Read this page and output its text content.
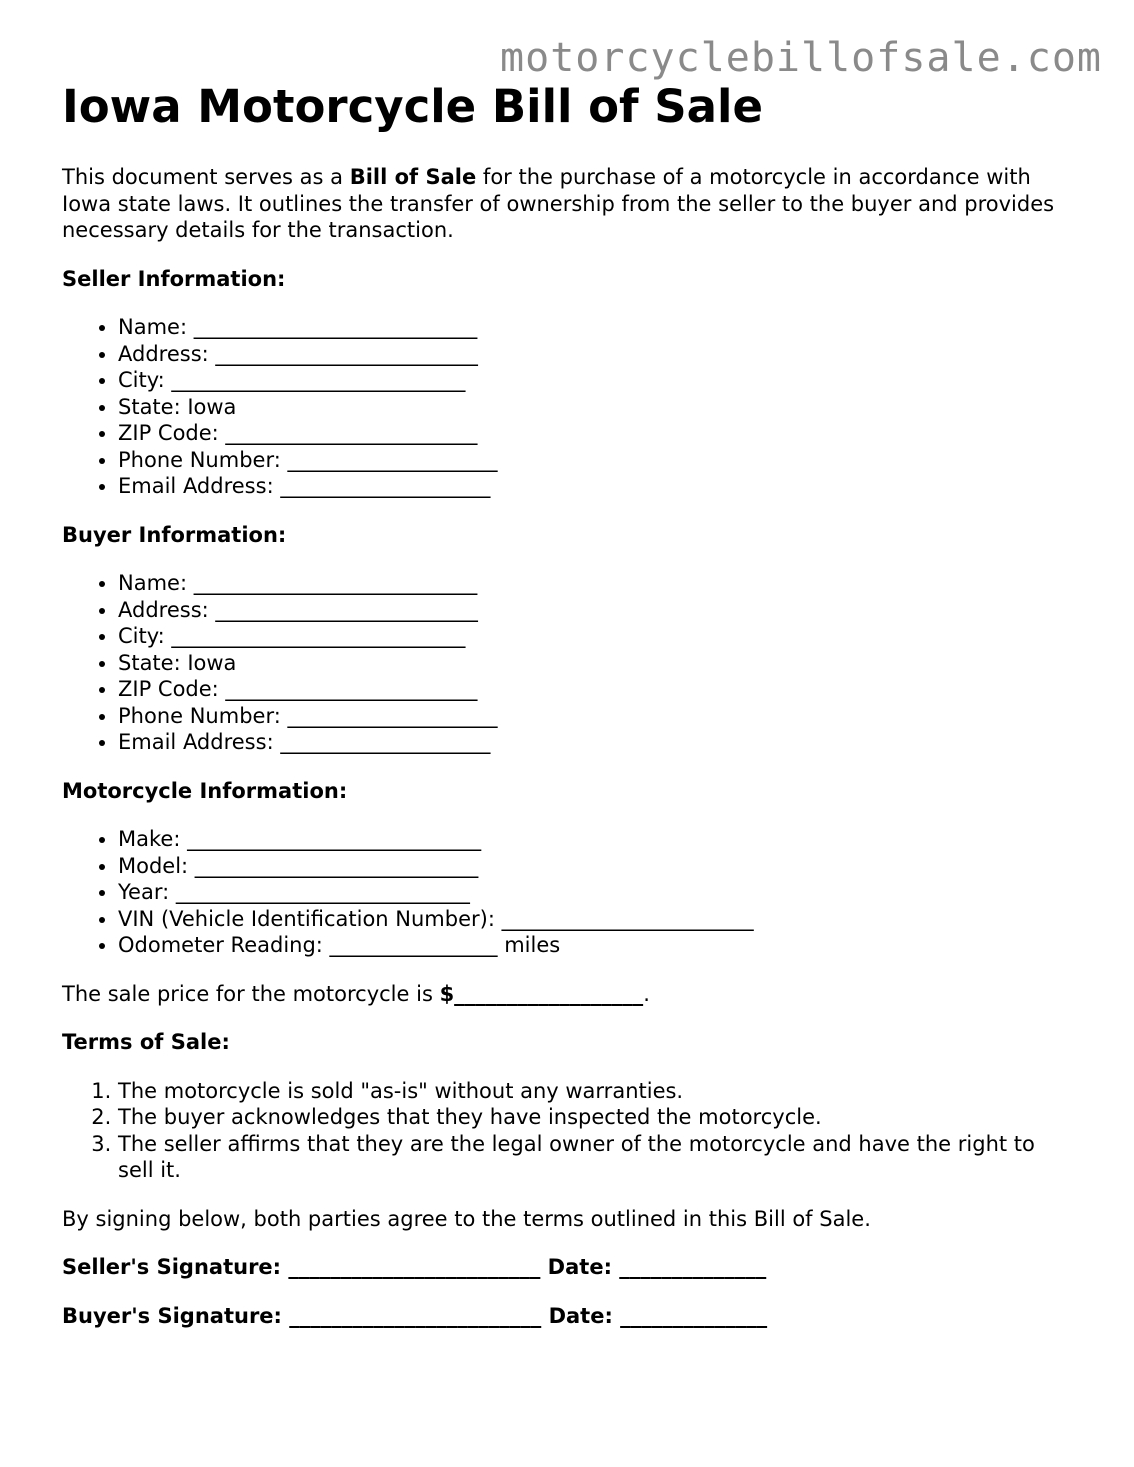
motorcyclebillofsale.com
Iowa Motorcycle Bill of Sale

This document serves as a Bill of Sale for the purchase of a motorcycle in accordance with Iowa state laws. It outlines the transfer of ownership from the seller to the buyer and provides necessary details for the transaction.

Seller Information:
• Name: ___________________________
• Address: _________________________
• City: ____________________________
• State: Iowa
• ZIP Code: ________________________
• Phone Number: ____________________
• Email Address: ____________________
Buyer Information:
• Name: ___________________________
• Address: _________________________
• City: ____________________________
• State: Iowa
• ZIP Code: ________________________
• Phone Number: ____________________
• Email Address: ____________________
Motorcycle Information:
• Make: ____________________________
• Model: ___________________________
• Year: ____________________________
• VIN (Vehicle Identification Number): ________________________
• Odometer Reading: ________________ miles

The sale price for the motorcycle is $__________________.

Terms of Sale:
1. The motorcycle is sold "as-is" without any warranties.
2. The buyer acknowledges that they have inspected the motorcycle.
3. The seller affirms that they are the legal owner of the motorcycle and have the right to sell it.

By signing below, both parties agree to the terms outlined in this Bill of Sale.

Seller's Signature: ________________________ Date: ______________

Buyer's Signature: ________________________ Date: ______________
